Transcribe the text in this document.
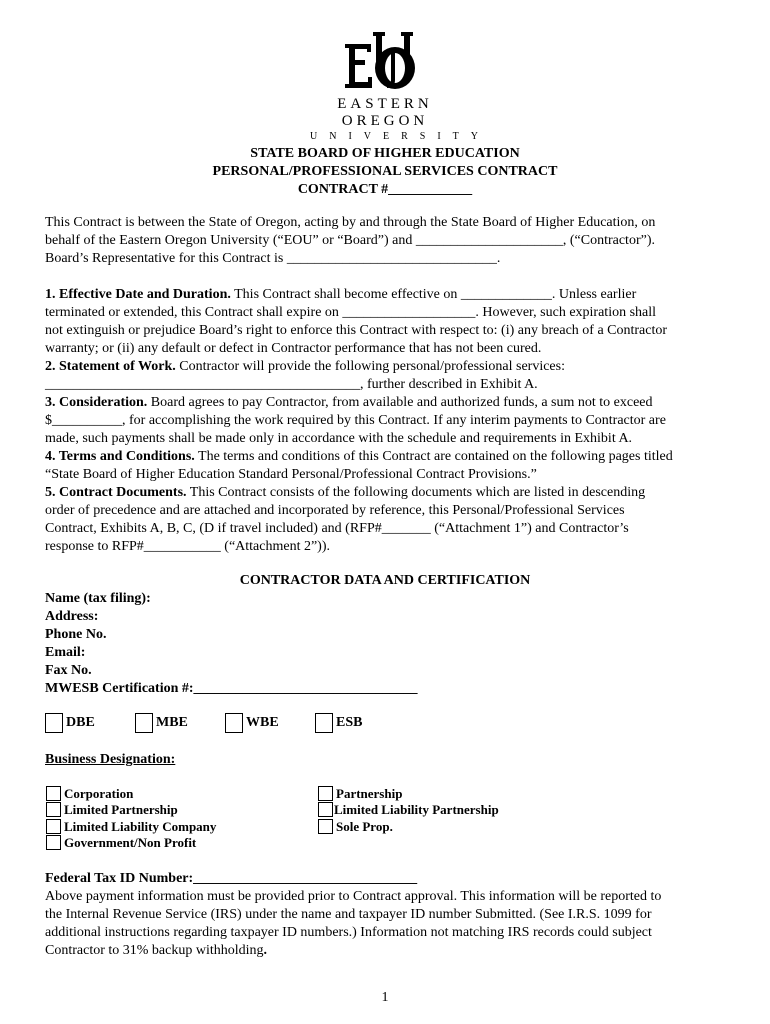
EASTERN OREGON
UNIVERSITY
STATE BOARD OF HIGHER EDUCATION
PERSONAL/PROFESSIONAL SERVICES CONTRACT
CONTRACT #____________
This Contract is between the State of Oregon, acting by and through the State Board of Higher Education, on
behalf of the Eastern Oregon University (“EOU” or “Board”) and _____________________, (“Contractor”).
Board’s Representative for this Contract is ______________________________.
1. Effective Date and Duration. This Contract shall become effective on _____________. Unless earlier
terminated or extended, this Contract shall expire on ___________________. However, such expiration shall
not extinguish or prejudice Board’s right to enforce this Contract with respect to: (i) any breach of a Contractor
warranty; or (ii) any default or defect in Contractor performance that has not been cured.
2. Statement of Work. Contractor will provide the following personal/professional services:
_____________________________________________, further described in Exhibit A.
3. Consideration. Board agrees to pay Contractor, from available and authorized funds, a sum not to exceed
$__________, for accomplishing the work required by this Contract. If any interim payments to Contractor are
made, such payments shall be made only in accordance with the schedule and requirements in Exhibit A.
4. Terms and Conditions. The terms and conditions of this Contract are contained on the following pages titled
“State Board of Higher Education Standard Personal/Professional Contract Provisions.”
5. Contract Documents. This Contract consists of the following documents which are listed in descending
order of precedence and are attached and incorporated by reference, this Personal/Professional Services
Contract, Exhibits A, B, C, (D if travel included) and (RFP#_______ (“Attachment 1”) and Contractor’s
response to RFP#___________ (“Attachment 2”)).
CONTRACTOR DATA AND CERTIFICATION
Name (tax filing):
Address:
Phone No.
Email:
Fax No.
MWESB Certification #:________________________________
DBE	MBE	WBE	ESB
Business Designation:
Corporation
Limited Partnership
Limited Liability Company
Government/Non Profit
Partnership
Limited Liability Partnership
Sole Prop.
Federal Tax ID Number:________________________________
Above payment information must be provided prior to Contract approval. This information will be reported to
the Internal Revenue Service (IRS) under the name and taxpayer ID number Submitted. (See I.R.S. 1099 for
additional instructions regarding taxpayer ID numbers.) Information not matching IRS records could subject
Contractor to 31% backup withholding.
1
